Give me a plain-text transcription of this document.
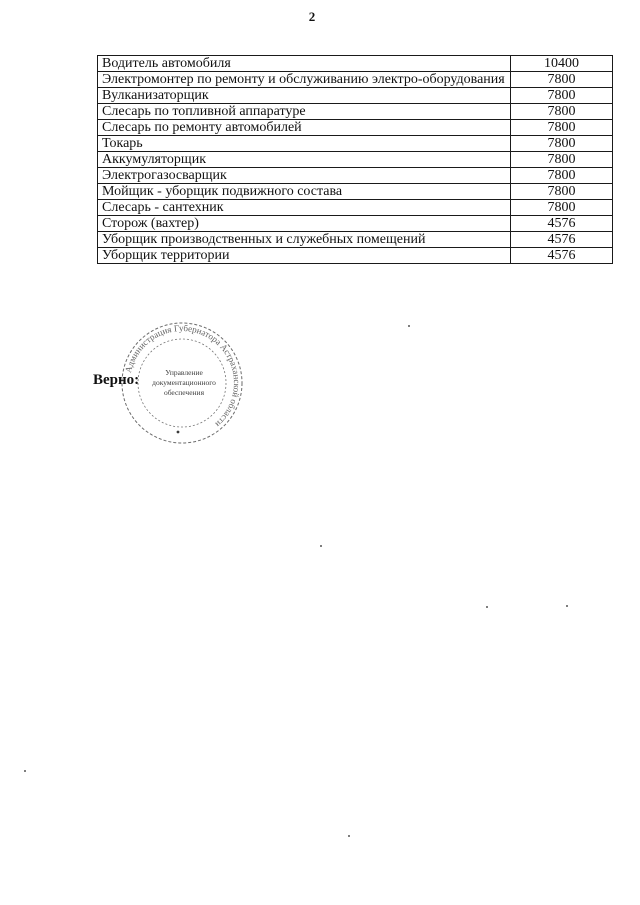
2
Водитель автомобиля	10400
Электромонтер по ремонту и обслуживанию электро-оборудования	7800
Вулканизаторщик	7800
Слесарь по топливной аппаратуре	7800
Слесарь по ремонту автомобилей	7800
Токарь	7800
Аккумуляторщик	7800
Электрогазосварщик	7800
Мойщик - уборщик подвижного состава	7800
Слесарь - сантехник	7800
Сторож (вахтер)	4576
Уборщик производственных и служебных помещений	4576
Уборщик территории	4576
Администрация Губернатора Астраханской области
Управление
документационного
обеспечения
Верно:
